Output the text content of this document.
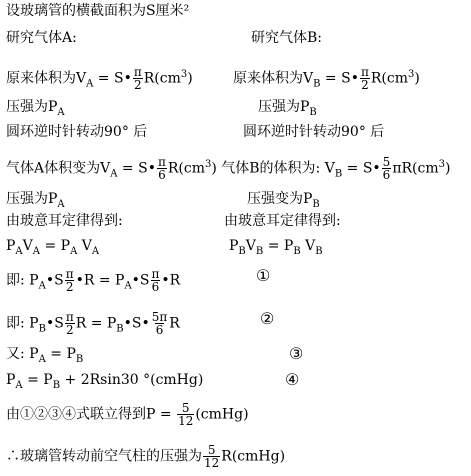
设玻璃管的横截面积为S厘米²
研究气体A:	研究气体B:
原来体积为$V_A$ = S• $\frac{\pi}{2} R(cm^3)$	原来体积为$V_B$ = S• $\frac{\pi}{2} R(cm^3)$
压强为$P_A$	压强为$P_B$
圆环逆时针转动90° 后	圆环逆时针转动90° 后
气体A体积变为$V_A$ = S• $\frac{\pi}{6} R(cm^3)$ 气体B的体积为: $V_B$ = S• $\frac{5}{6} \pi R(cm^3)$
压强为$P_A$	压强变为$P_B$
由玻意耳定律得到:	由玻意耳定律得到:
$P_AV_A = P_A$ $V_A$	$P_BV_B = P_B$ $V_B$
即: $P_A•S \frac{\pi}{2}$ •R = $P_A•S \frac{\pi}{6}$ •R	①
即: $P_B•S \frac{\pi}{2}$ $R = P_B•S• \frac{5\pi}{6}$ R	②
又: $P_A = P_B$	③
$P_A = P_B + 2Rsin30$ °(cmHg)	④
由①②③④式联立得到$P = \frac{5}{12}$ (cmHg)
∴玻璃管转动前空气柱的压强为 $\frac{5}{12}$ R(cmHg)
